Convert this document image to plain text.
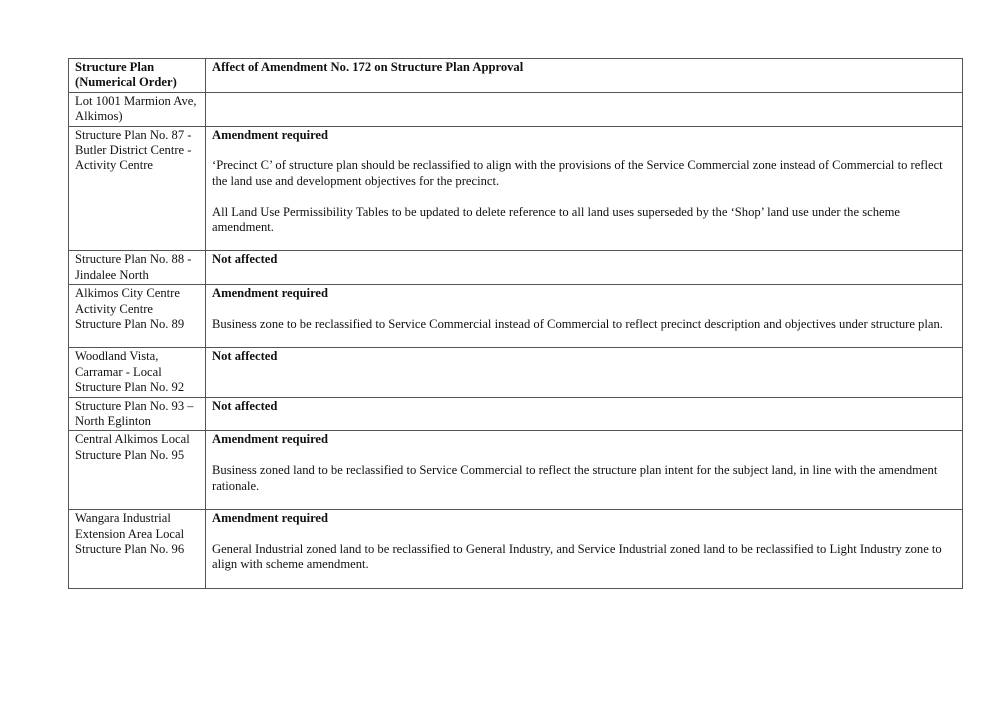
Structure Plan (Numerical Order)	Affect of Amendment No. 172 on Structure Plan Approval
Lot 1001 Marmion Ave, Alkimos)	
Structure Plan No. 87 - Butler District Centre - Activity Centre	Amendment required

‘Precinct C’ of structure plan should be reclassified to align with the provisions of the Service Commercial zone instead of Commercial to reflect the land use and development objectives for the precinct.

All Land Use Permissibility Tables to be updated to delete reference to all land uses superseded by the ‘Shop’ land use under the scheme amendment.

Structure Plan No. 88 - Jindalee North	Not affected

Alkimos City Centre Activity Centre Structure Plan No. 89	Amendment required

Business zone to be reclassified to Service Commercial instead of Commercial to reflect precinct description and objectives under structure plan.

Woodland Vista, Carramar - Local Structure Plan No. 92	Not affected

Structure Plan No. 93 – North Eglinton	Not affected

Central Alkimos Local Structure Plan No. 95	Amendment required

Business zoned land to be reclassified to Service Commercial to reflect the structure plan intent for the subject land, in line with the amendment rationale.

Wangara Industrial Extension Area Local Structure Plan No. 96	Amendment required

General Industrial zoned land to be reclassified to General Industry, and Service Industrial zoned land to be reclassified to Light Industry zone to align with scheme amendment.
